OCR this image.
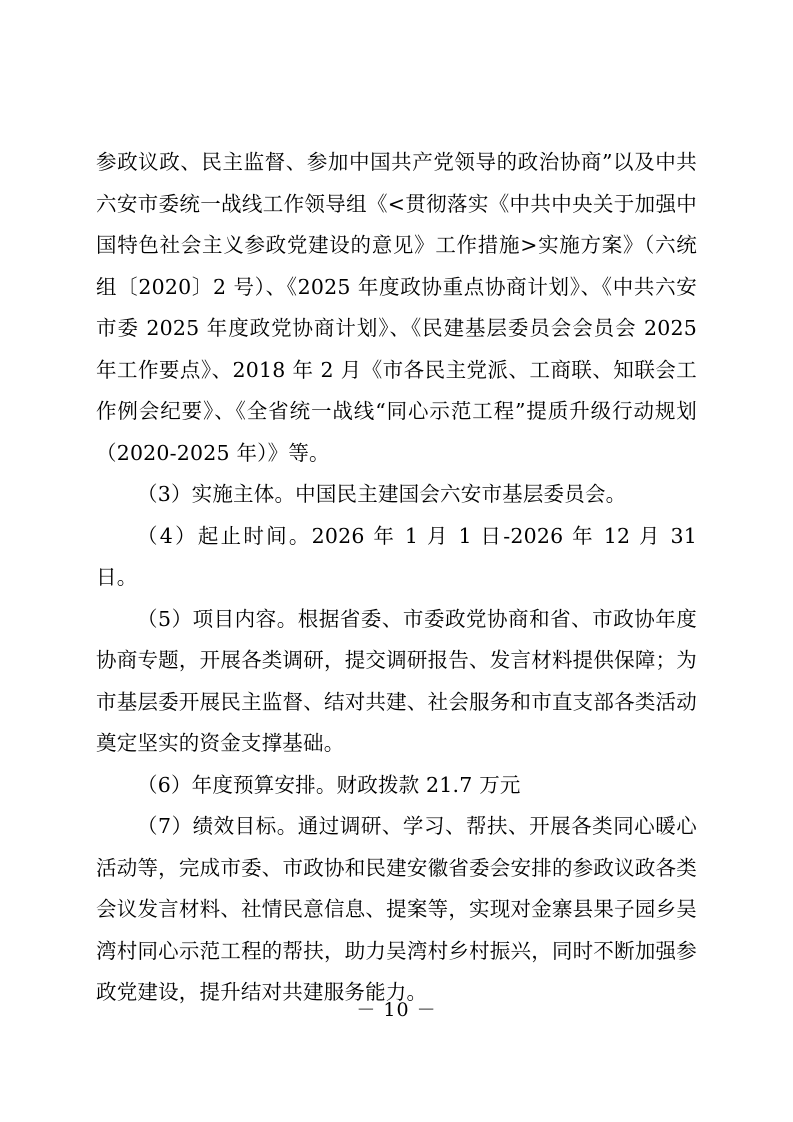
参政议政、民主监督、参加中国共产党领导的政治协商”以及中共六安市委统一战线工作领导组《<贯彻落实《中共中央关于加强中国特色社会主义参政党建设的意见》工作措施>实施方案》（六统组〔2020〕2 号）、《2025 年度政协重点协商计划》、《中共六安市委 2025 年度政党协商计划》、《民建基层委员会会员会 2025 年工作要点》、2018 年 2 月《市各民主党派、工商联、知联会工作例会纪要》、《全省统一战线“同心示范工程”提质升级行动规划（2020-2025 年）》等。

（3）实施主体。中国民主建国会六安市基层委员会。

（4）起止时间。2026 年 1 月 1 日-2026 年 12 月 31 日。

（5）项目内容。根据省委、市委政党协商和省、市政协年度协商专题，开展各类调研，提交调研报告、发言材料提供保障；为市基层委开展民主监督、结对共建、社会服务和市直支部各类活动奠定坚实的资金支撑基础。

（6）年度预算安排。财政拨款 21.7 万元

（7）绩效目标。通过调研、学习、帮扶、开展各类同心暖心活动等，完成市委、市政协和民建安徽省委会安排的参政议政各类会议发言材料、社情民意信息、提案等，实现对金寨县果子园乡吴湾村同心示范工程的帮扶，助力吴湾村乡村振兴，同时不断加强参政党建设，提升结对共建服务能力。

－ 10 －
